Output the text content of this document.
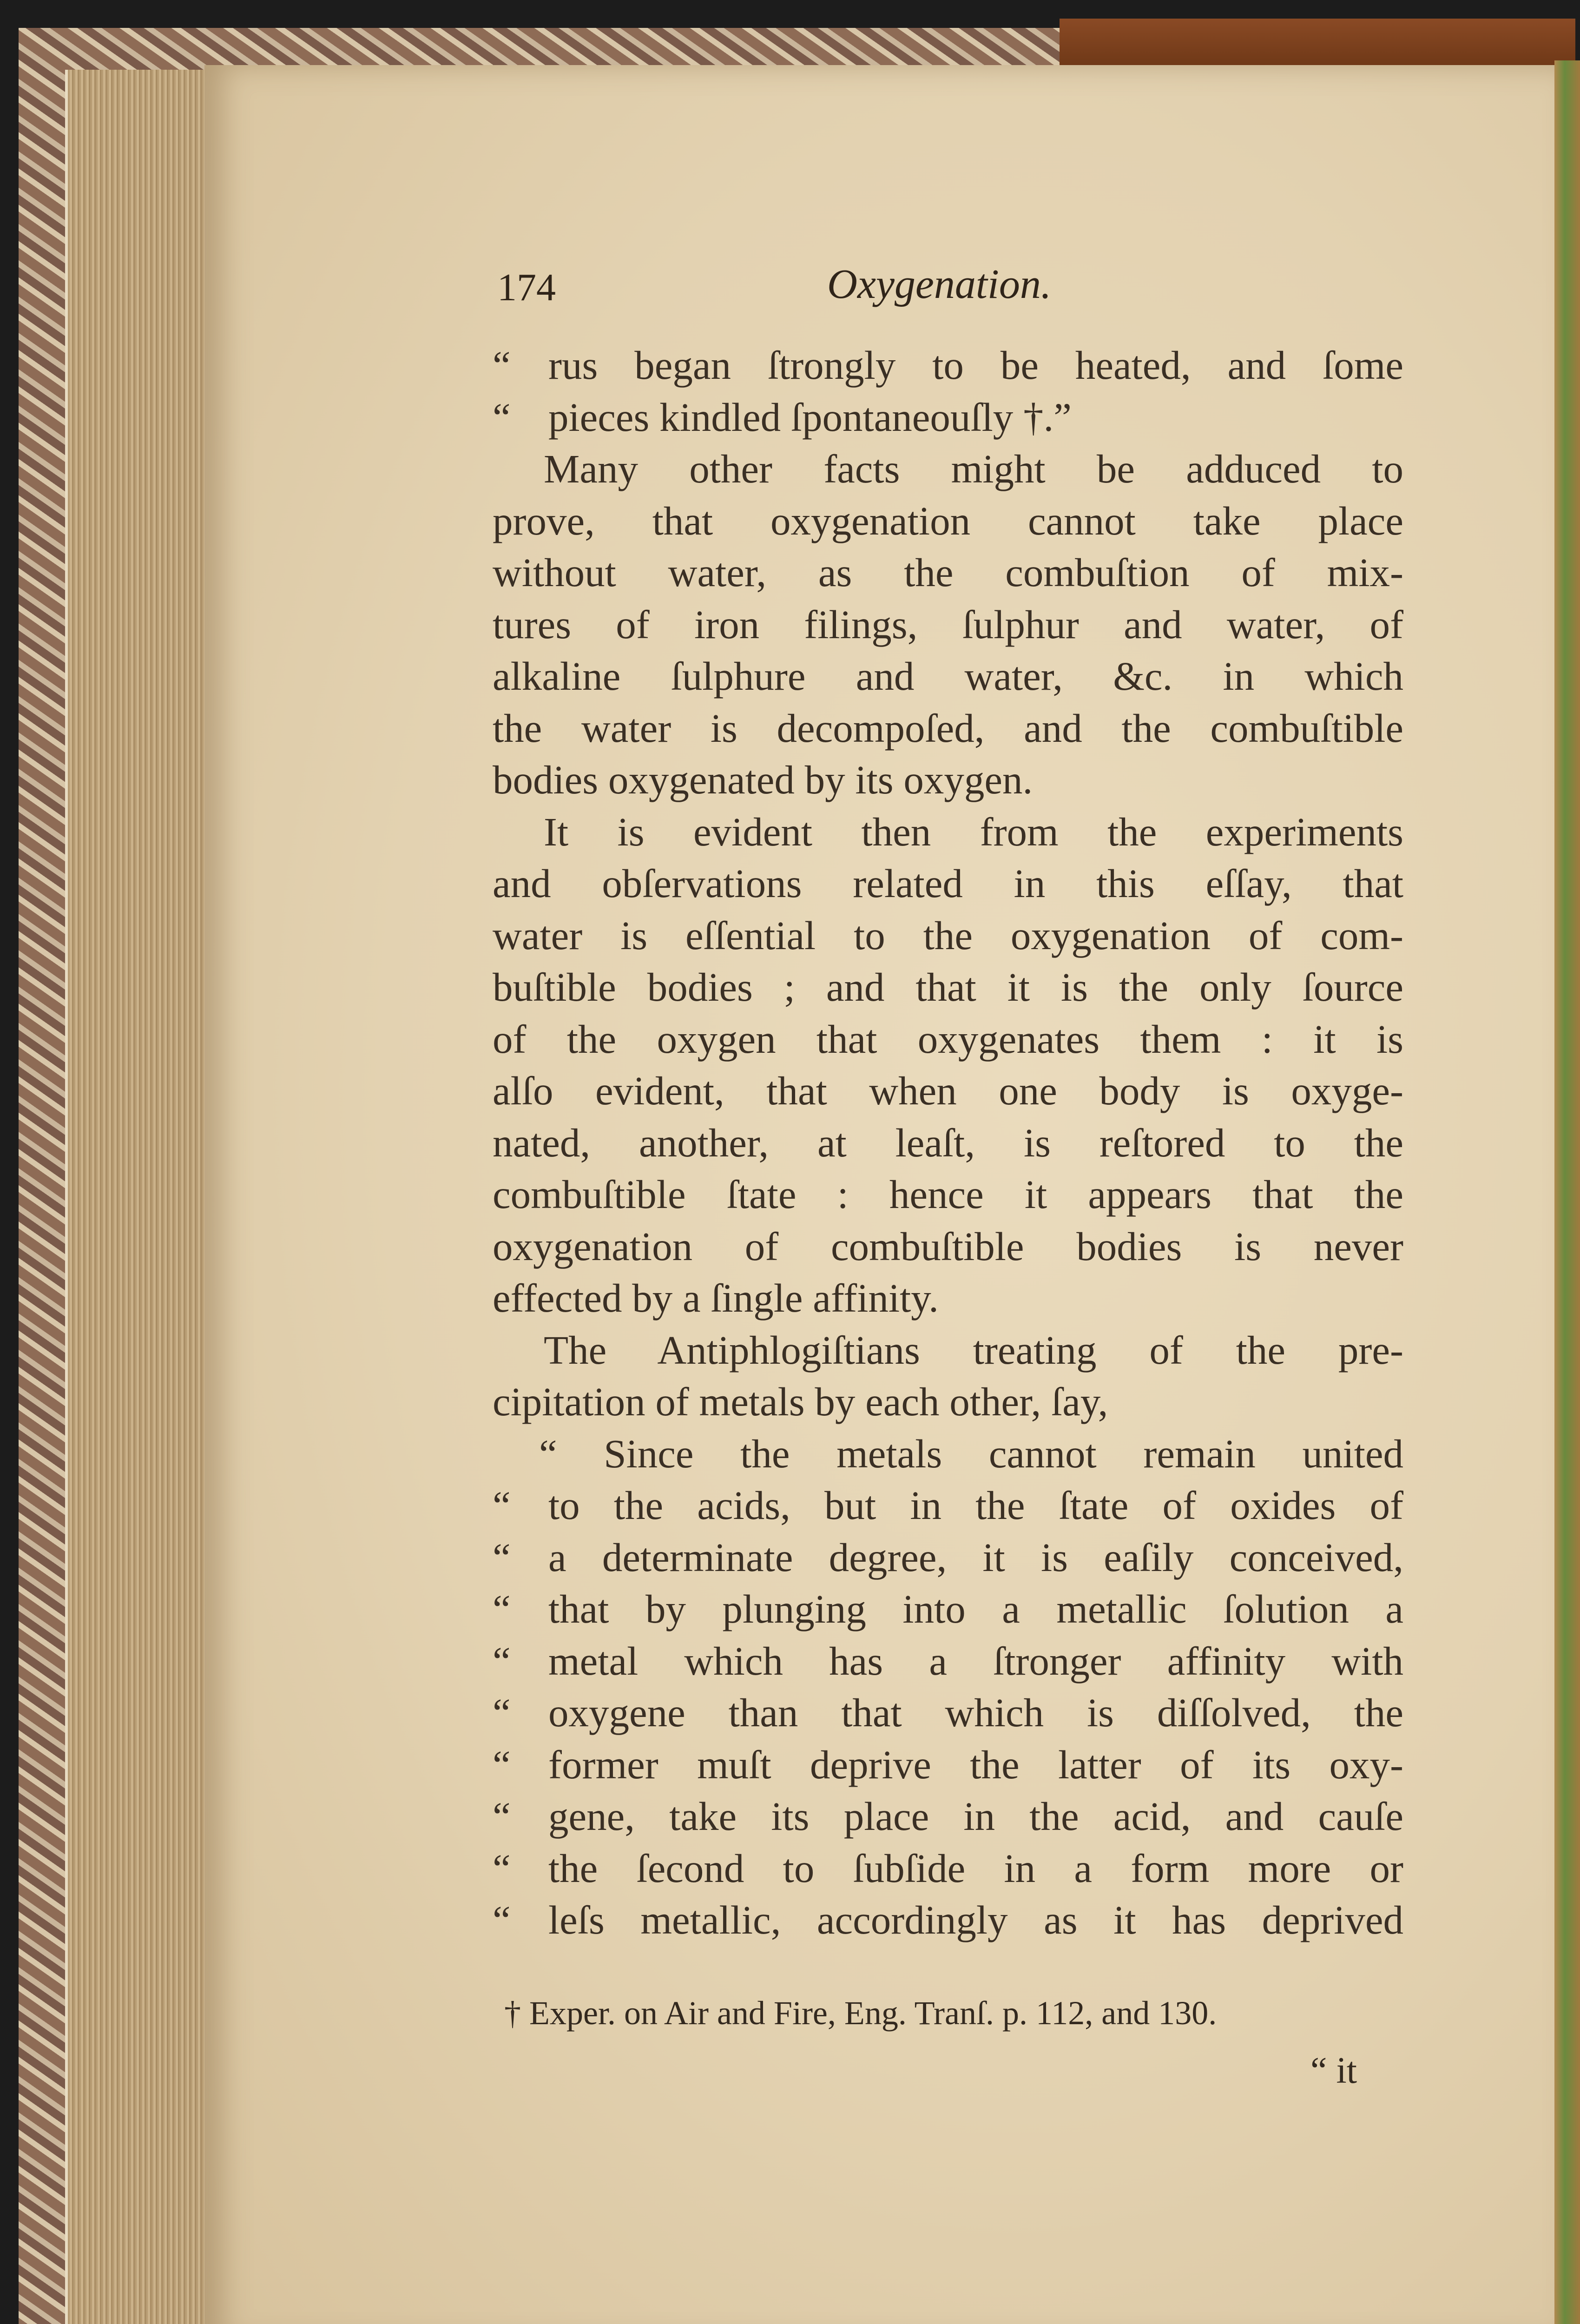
174	Oxygenation.
“ rus began ſtrongly to be heated, and ſome
“ pieces kindled ſpontaneouſly †.”
Many other facts might be adduced to
prove, that oxygenation cannot take place
without water, as the combuſtion of mix-
tures of iron filings, ſulphur and water, of
alkaline ſulphure and water, &c. in which
the water is decompoſed, and the combuſtible
bodies oxygenated by its oxygen.
It is evident then from the experiments
and obſervations related in this eſſay, that
water is eſſential to the oxygenation of com-
buſtible bodies ; and that it is the only ſource
of the oxygen that oxygenates them : it is
alſo evident, that when one body is oxyge-
nated, another, at leaſt, is reſtored to the
combuſtible ſtate : hence it appears that the
oxygenation of combuſtible bodies is never
effected by a ſingle affinity.
The Antiphlogiſtians treating of the pre-
cipitation of metals by each other, ſay,
“ Since the metals cannot remain united
“ to the acids, but in the ſtate of oxides of
“ a determinate degree, it is eaſily conceived,
“ that by plunging into a metallic ſolution a
“ metal which has a ſtronger affinity with
“ oxygene than that which is diſſolved, the
“ former muſt deprive the latter of its oxy-
“ gene, take its place in the acid, and cauſe
“ the ſecond to ſubſide in a form more or
“ leſs metallic, accordingly as it has deprived
† Exper. on Air and Fire, Eng. Tranſ. p. 112, and 130.
“ it
